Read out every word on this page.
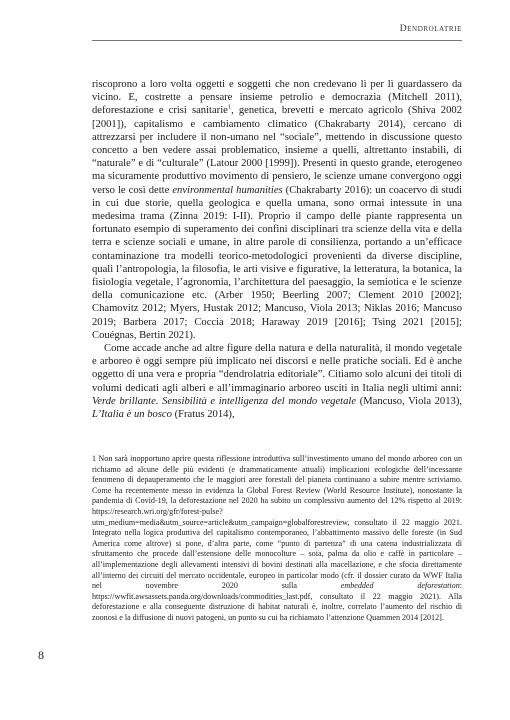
Dendrolatrie

riscoprono a loro volta oggetti e soggetti che non credevano lì per lì guardassero da vicino. E, costrette a pensare insieme petrolio e democrazia (Mitchell 2011), deforestazione e crisi sanitarie$^1$, genetica, brevetti e mercato agricolo (Shiva 2002 [2001]), capitalismo e cambiamento climatico (Chakrabarty 2014), cercano di attrezzarsi per includere il non-umano nel “sociale”, mettendo in discussione questo concetto a ben vedere assai problematico, insieme a quelli, altrettanto instabili, di “naturale” e di “culturale” (Latour 2000 [1999]). Presenti in questo grande, eterogeneo ma sicuramente produttivo movimento di pensiero, le scienze umane convergono oggi verso le così dette environmental humanities (Chakrabarty 2016): un coacervo di studi in cui due storie, quella geologica e quella umana, sono ormai intessute in una medesima trama (Zinna 2019: I-II). Proprio il campo delle piante rappresenta un fortunato esempio di superamento dei confini disciplinari tra scienze della vita e della terra e scienze sociali e umane, in altre parole di consilienza, portando a un’efficace contaminazione tra modelli teorico-metodologici provenienti da diverse discipline, quali l’antropologia, la filosofia, le arti visive e figurative, la letteratura, la botanica, la fisiologia vegetale, l’agronomia, l’architettura del paesaggio, la semiotica e le scienze della comunicazione etc. (Arber 1950; Beerling 2007; Clement 2010 [2002]; Chamovitz 2012; Myers, Hustak 2012; Mancuso, Viola 2013; Niklas 2016; Mancuso 2019; Barbera 2017; Coccia 2018; Haraway 2019 [2016]; Tsing 2021 [2015]; Couégnas, Bertin 2021).

Come accade anche ad altre figure della natura e della naturalità, il mondo vegetale e arboreo è oggi sempre più implicato nei discorsi e nelle pratiche sociali. Ed è anche oggetto di una vera e propria “dendrolatria editoriale”. Citiamo solo alcuni dei titoli di volumi dedicati agli alberi e all’immaginario arboreo usciti in Italia negli ultimi anni: Verde brillante. Sensibilità e intelligenza del mondo vegetale (Mancuso, Viola 2013), L’Italia è un bosco (Fratus 2014),

1 Non sarà inopportuno aprire questa riflessione introduttiva sull’investimento umano del mondo arboreo con un richiamo ad alcune delle più evidenti (e drammaticamente attuali) implicazioni ecologiche dell’incessante fenomeno di depauperamento che le maggiori aree forestali del pianeta continuano a subire mentre scriviamo. Come ha recentemente messo in evidenza la Global Forest Review (World Resource Institute), nonostante la pandemia di Covid-19, la deforestazione nel 2020 ha subito un complessivo aumento del 12% rispetto al 2019: https://research.wri.org/gfr/forest-pulse?utm_medium=media&utm_source=article&utm_campaign=globalforestreview, consultato il 22 maggio 2021. Integrato nella logica produttiva del capitalismo contemporaneo, l’abbattimento massivo delle foreste (in Sud America come altrove) si pone, d’altra parte, come “punto di partenza” di una catena industrializzata di sfruttamento che procede dall’estensione delle monocolture – soia, palma da olio e caffè in particolare – all’implementazione degli allevamenti intensivi di bovini destinati alla macellazione, e che sfocia direttamente all’interno dei circuiti del mercato occidentale, europeo in particolar modo (cfr. il dossier curato da WWF Italia nel novembre 2020 sulla embedded deforestation: https://wwfit.awsassets.panda.org/downloads/commodities_last.pdf, consultato il 22 maggio 2021). Alla deforestazione e alla conseguente distruzione di habitat naturali è, inoltre, correlato l’aumento del rischio di zoonosi e la diffusione di nuovi patogeni, un punto su cui ha richiamato l’attenzione Quammen 2014 [2012].

8
